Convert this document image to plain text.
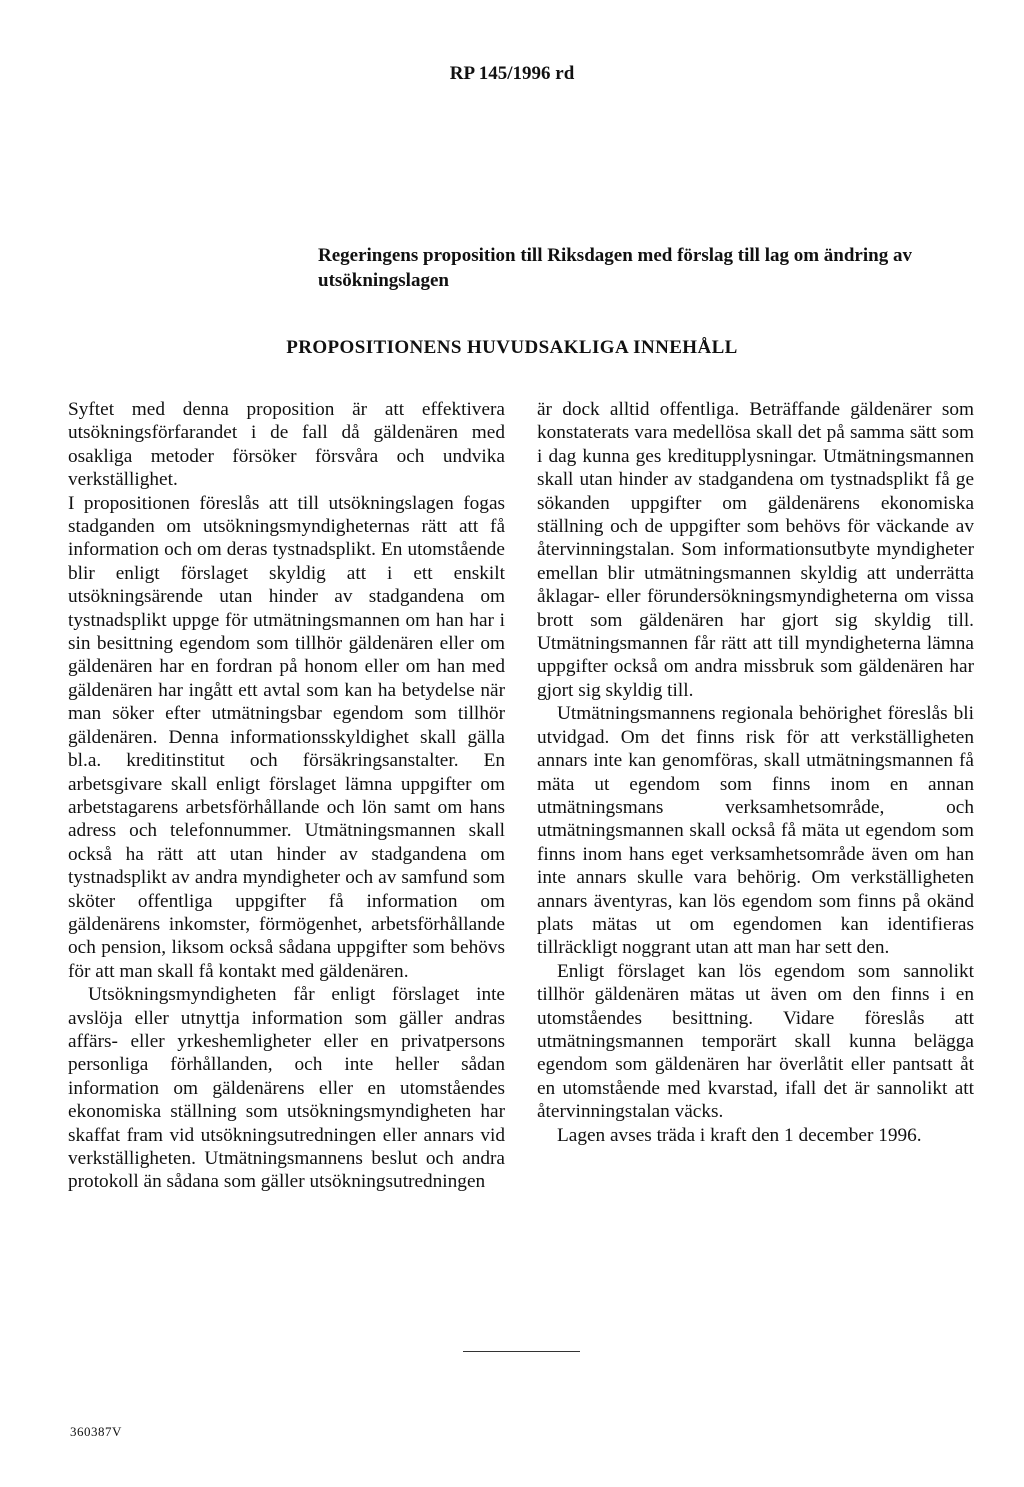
RP 145/1996 rd
Regeringens proposition till Riksdagen med förslag till lag om ändring av utsökningslagen
PROPOSITIONENS HUVUDSAKLIGA INNEHÅLL

Syftet med denna proposition är att effektivera utsökningsförfarandet i de fall då gäldenären med osakliga metoder försöker försvåra och undvika verkställighet.

I propositionen föreslås att till utsökningslagen fogas stadganden om utsökningsmyndigheternas rätt att få information och om deras tystnadsplikt. En utomstående blir enligt förslaget skyldig att i ett enskilt utsökningsärende utan hinder av stadgandena om tystnadsplikt uppge för utmätningsmannen om han har i sin besittning egendom som tillhör gäldenären eller om gäldenären har en fordran på honom eller om han med gäldenären har ingått ett avtal som kan ha betydelse när man söker efter utmätningsbar egendom som tillhör gäldenären. Denna informationsskyldighet skall gälla bl.a. kreditinstitut och försäkringsanstalter. En arbetsgivare skall enligt förslaget lämna uppgifter om arbetstagarens arbetsförhållande och lön samt om hans adress och telefonnummer. Utmätningsmannen skall också ha rätt att utan hinder av stadgandena om tystnadsplikt av andra myndigheter och av samfund som sköter offentliga uppgifter få information om gäldenärens inkomster, förmögenhet, arbetsförhållande och pension, liksom också sådana uppgifter som behövs för att man skall få kontakt med gäldenären.

Utsökningsmyndigheten får enligt förslaget inte avslöja eller utnyttja information som gäller andras affärs- eller yrkeshemligheter eller en privatpersons personliga förhållanden, och inte heller sådan information om gäldenärens eller en utomståendes ekonomiska ställning som utsökningsmyndigheten har skaffat fram vid utsökningsutredningen eller annars vid verkställigheten. Utmätningsmannens beslut och andra protokoll än sådana som gäller utsökningsutredningen

är dock alltid offentliga. Beträffande gäldenärer som konstaterats vara medellösa skall det på samma sätt som i dag kunna ges kreditupplysningar. Utmätningsmannen skall utan hinder av stadgandena om tystnadsplikt få ge sökanden uppgifter om gäldenärens ekonomiska ställning och de uppgifter som behövs för väckande av återvinningstalan. Som informationsutbyte myndigheter emellan blir utmätningsmannen skyldig att underrätta åklagar- eller förundersökningsmyndigheterna om vissa brott som gäldenären har gjort sig skyldig till. Utmätningsmannen får rätt att till myndigheterna lämna uppgifter också om andra missbruk som gäldenären har gjort sig skyldig till.

Utmätningsmannens regionala behörighet föreslås bli utvidgad. Om det finns risk för att verkställigheten annars inte kan genomföras, skall utmätningsmannen få mäta ut egendom som finns inom en annan utmätningsmans verksamhetsområde, och utmätningsmannen skall också få mäta ut egendom som finns inom hans eget verksamhetsområde även om han inte annars skulle vara behörig. Om verkställigheten annars äventyras, kan lös egendom som finns på okänd plats mätas ut om egendomen kan identifieras tillräckligt noggrant utan att man har sett den.

Enligt förslaget kan lös egendom som sannolikt tillhör gäldenären mätas ut även om den finns i en utomståendes besittning. Vidare föreslås att utmätningsmannen temporärt skall kunna belägga egendom som gäldenären har överlåtit eller pantsatt åt en utomstående med kvarstad, ifall det är sannolikt att återvinningstalan väcks.

Lagen avses träda i kraft den 1 december 1996.

360387V
